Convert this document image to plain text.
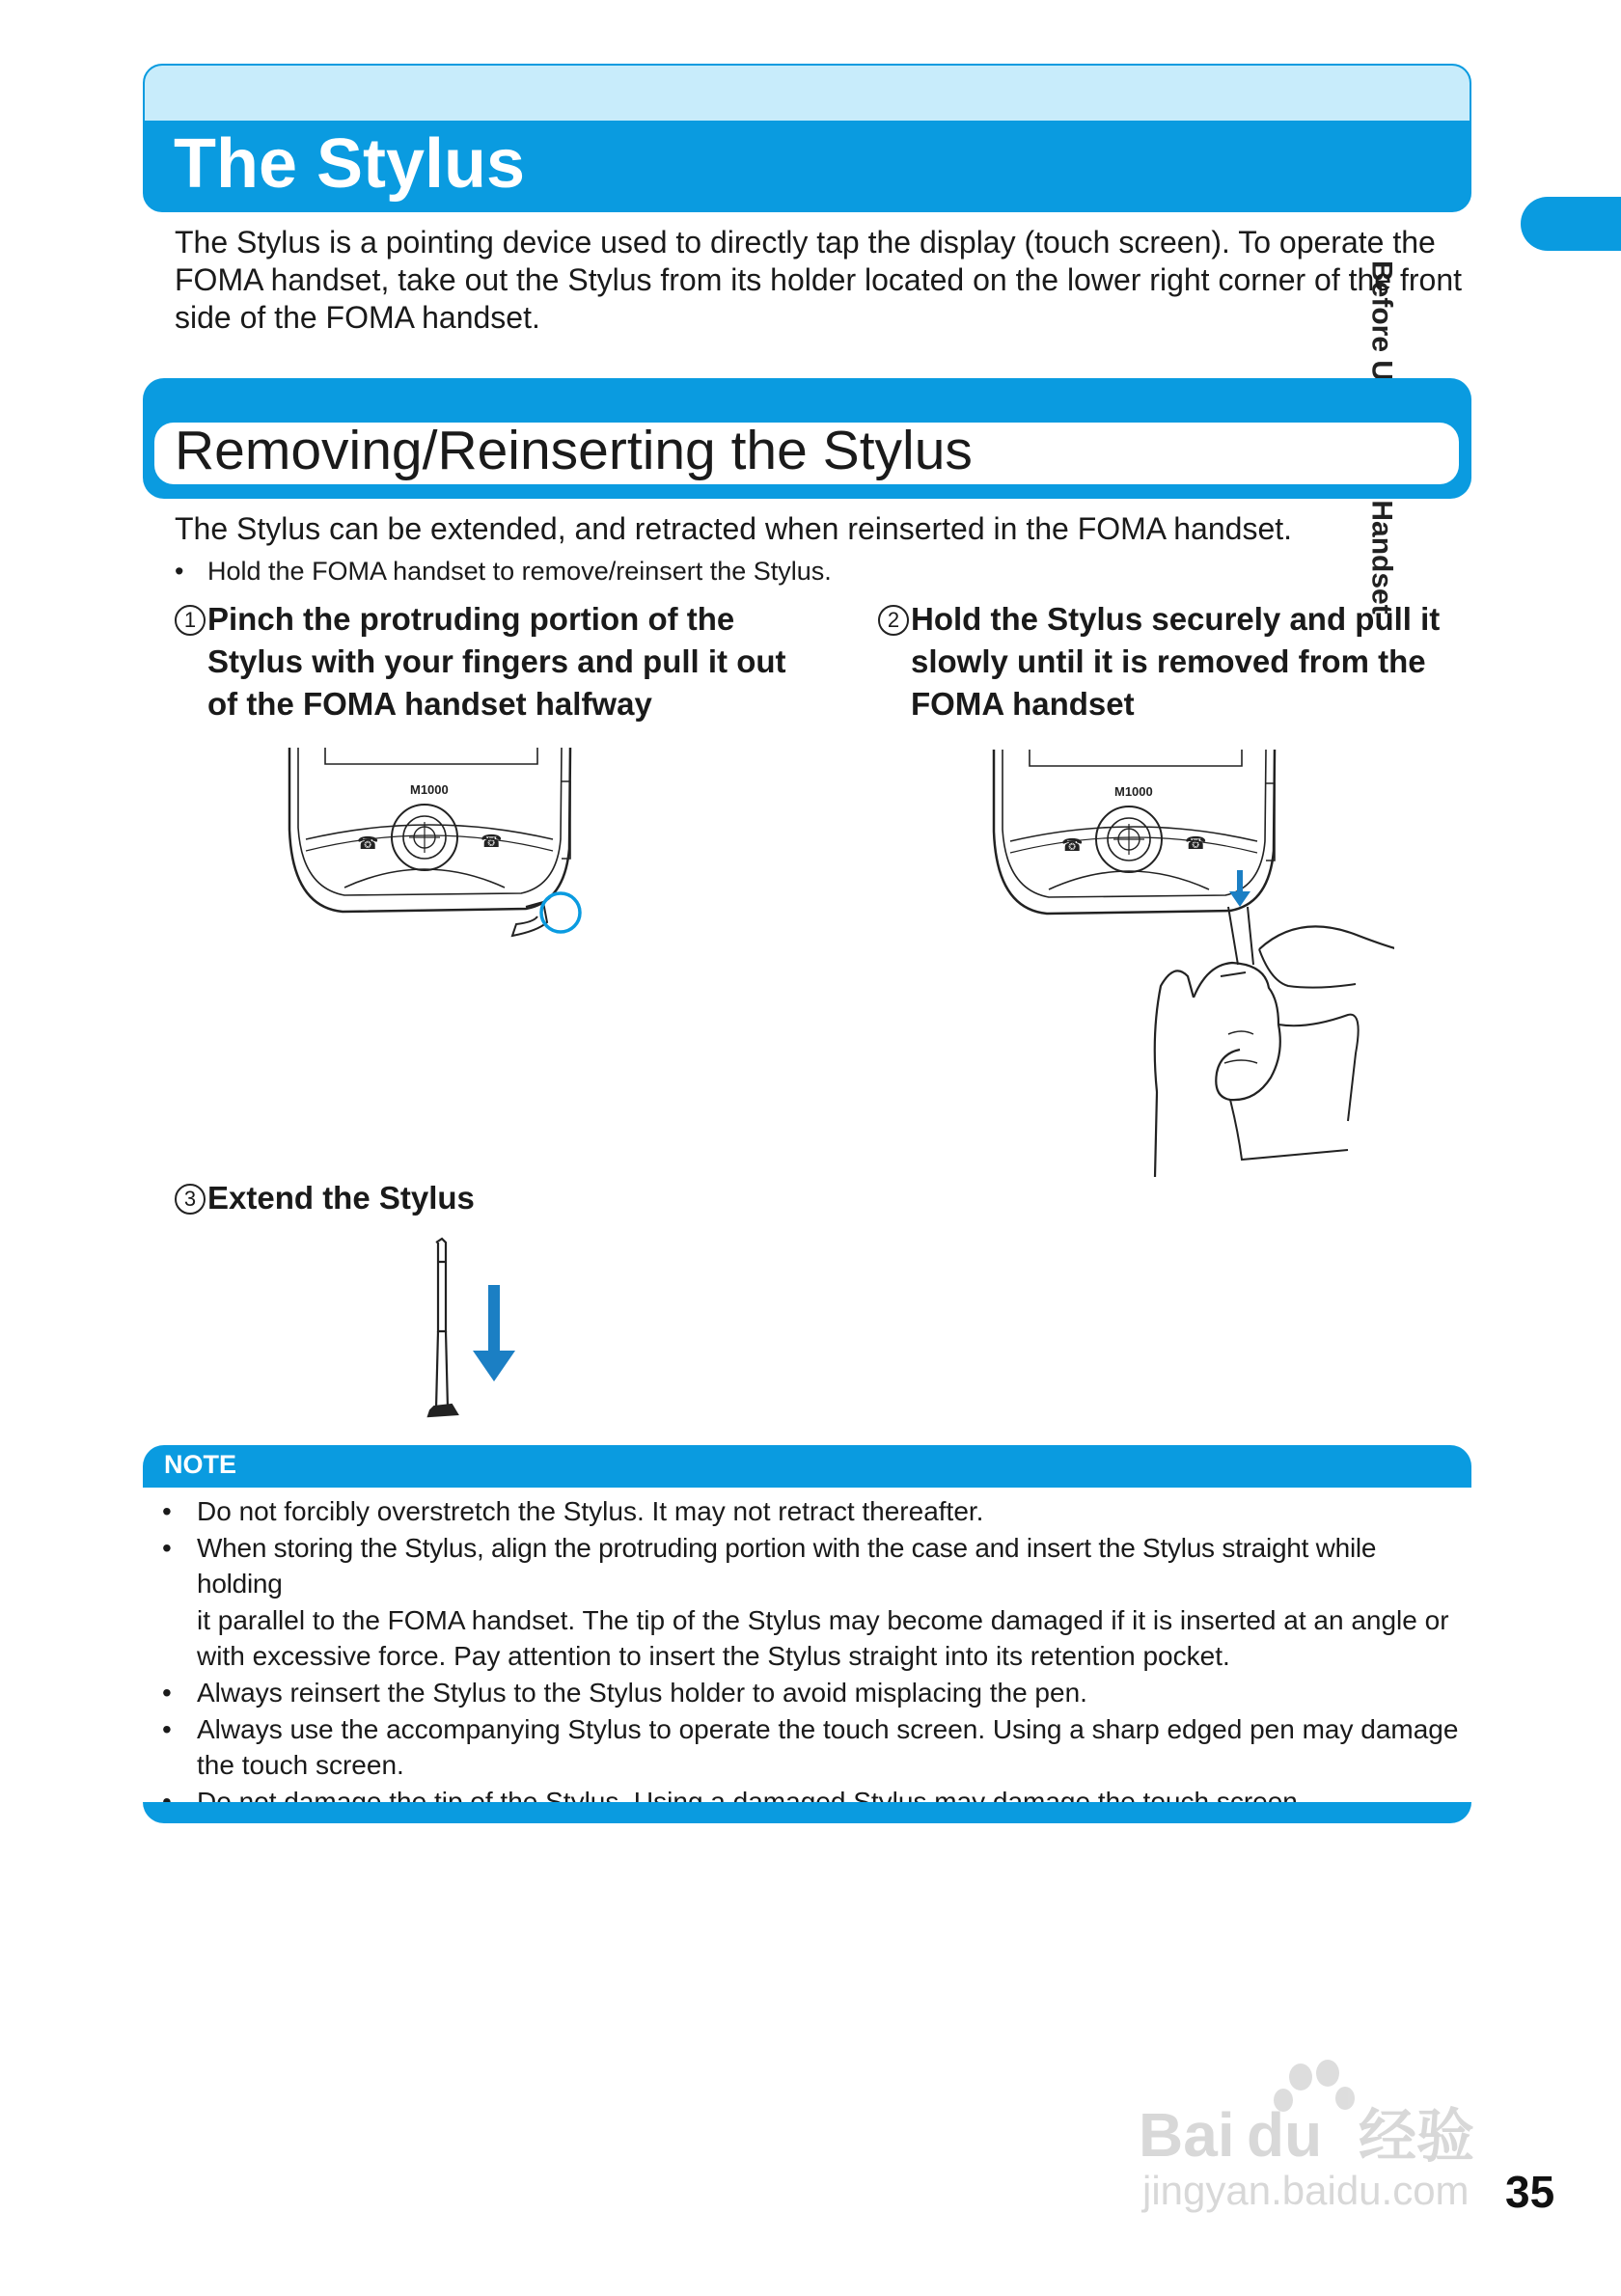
The Stylus
The Stylus is a pointing device used to directly tap the display (touch screen). To operate the
FOMA handset, take out the Stylus from its holder located on the lower right corner of the front
side of the FOMA handset.
Removing/Reinserting the Stylus
The Stylus can be extended, and retracted when reinserted in the FOMA handset.
• Hold the FOMA handset to remove/reinsert the Stylus.
1 Pinch the protruding portion of the
Stylus with your fingers and pull it out
of the FOMA handset halfway
2 Hold the Stylus securely and pull it
slowly until it is removed from the
FOMA handset
3 Extend the Stylus
M1000
☎	☎
M1000
☎	☎
NOTE
• Do not forcibly overstretch the Stylus. It may not retract thereafter.
• When storing the Stylus, align the protruding portion with the case and insert the Stylus straight while holding
it parallel to the FOMA handset. The tip of the Stylus may become damaged if it is inserted at an angle or
with excessive force. Pay attention to insert the Stylus straight into its retention pocket.
• Always reinsert the Stylus to the Stylus holder to avoid misplacing the pen.
• Always use the accompanying Stylus to operate the touch screen. Using a sharp edged pen may damage
the touch screen.
•
Bai du 经验
jingyan.baidu.com 35
